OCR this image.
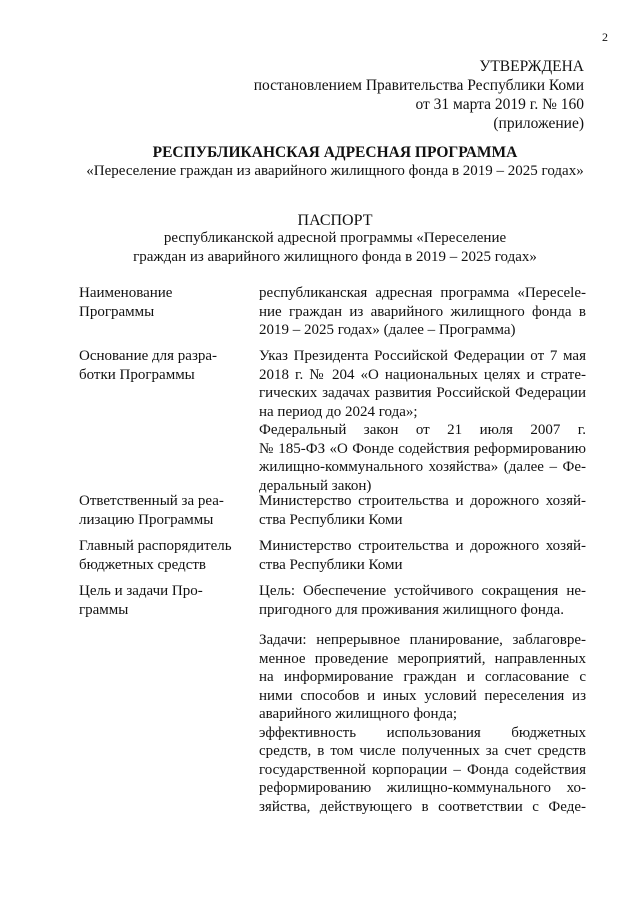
2
УТВЕРЖДЕНА
постановлением Правительства Республики Коми
от 31 марта 2019 г. № 160
(приложение)
РЕСПУБЛИКАНСКАЯ АДРЕСНАЯ ПРОГРАММА
«Переселение граждан из аварийного жилищного фонда в 2019 – 2025 годах»
ПАСПОРТ
республиканской адресной программы «Переселение
граждан из аварийного жилищного фонда в 2019 – 2025 годах»
Наименование
Программы
республиканская адресная программа «Пересele-
ние граждан из аварийного жилищного фонда в
2019 – 2025 годах» (далее – Программа)
Основание для разра-
ботки Программы
Указ Президента Российской Федерации от 7 мая
2018 г. № 204 «О национальных целях и страте-
гических задачах развития Российской Федерации
на период до 2024 года»;
Федеральный закон от 21 июля 2007 г.
№ 185-ФЗ «О Фонде содействия реформированию
жилищно-коммунального хозяйства» (далее – Фе-
деральный закон)
Ответственный за реа-
лизацию Программы
Министерство строительства и дорожного хозяй-
ства Республики Коми
Главный распорядитель
бюджетных средств
Министерство строительства и дорожного хозяй-
ства Республики Коми
Цель и задачи Про-
граммы
Цель: Обеспечение устойчивого сокращения не-
пригодного для проживания жилищного фонда.
Задачи: непрерывное планирование, заблаговре-
менное проведение мероприятий, направленных
на информирование граждан и согласование с
ними способов и иных условий переселения из
аварийного жилищного фонда;
эффективность использования бюджетных
средств, в том числе полученных за счет средств
государственной корпорации – Фонда содействия
реформированию жилищно-коммунального хо-
зяйства, действующего в соответствии с Феде-
